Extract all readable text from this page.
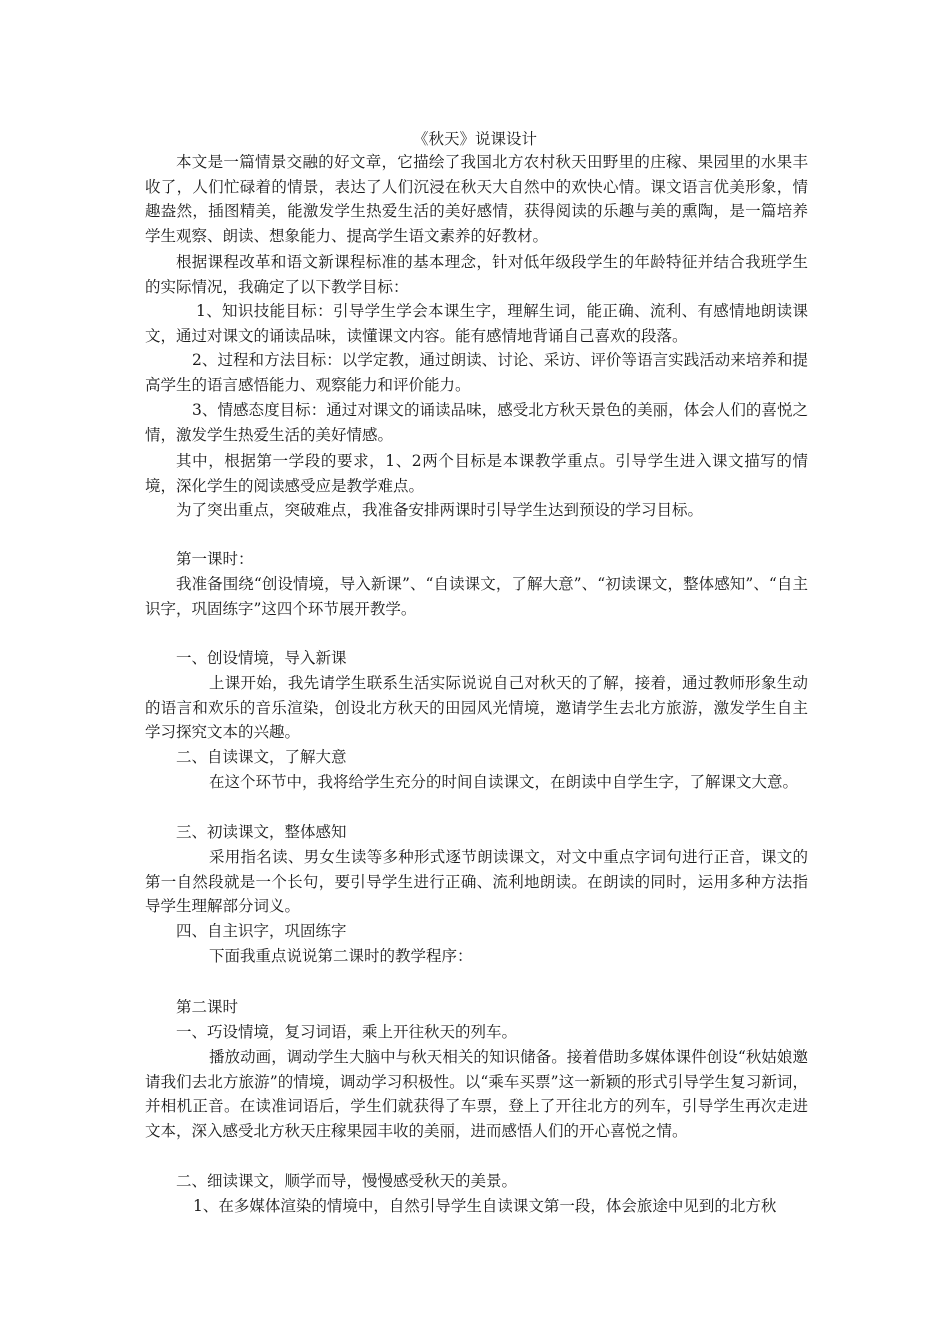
《秋天》说课设计
本文是一篇情景交融的好文章，它描绘了我国北方农村秋天田野里的庄稼、果园里的水果丰收了，人们忙碌着的情景，表达了人们沉浸在秋天大自然中的欢快心情。课文语言优美形象，情趣盎然，插图精美，能激发学生热爱生活的美好感情，获得阅读的乐趣与美的熏陶，是一篇培养学生观察、朗读、想象能力、提高学生语文素养的好教材。
根据课程改革和语文新课程标准的基本理念，针对低年级段学生的年龄特征并结合我班学生的实际情况，我确定了以下教学目标：
1、知识技能目标：引导学生学会本课生字，理解生词，能正确、流利、有感情地朗读课文，通过对课文的诵读品味，读懂课文内容。能有感情地背诵自己喜欢的段落。
2、过程和方法目标：以学定教，通过朗读、讨论、采访、评价等语言实践活动来培养和提高学生的语言感悟能力、观察能力和评价能力。
3、情感态度目标：通过对课文的诵读品味，感受北方秋天景色的美丽，体会人们的喜悦之情，激发学生热爱生活的美好情感。
其中，根据第一学段的要求，1、2两个目标是本课教学重点。引导学生进入课文描写的情境，深化学生的阅读感受应是教学难点。
为了突出重点，突破难点，我准备安排两课时引导学生达到预设的学习目标。
第一课时：
我准备围绕“创设情境，导入新课”、“自读课文，了解大意”、“初读课文，整体感知”、“自主识字，巩固练字”这四个环节展开教学。
一、创设情境，导入新课
上课开始，我先请学生联系生活实际说说自己对秋天的了解，接着，通过教师形象生动的语言和欢乐的音乐渲染，创设北方秋天的田园风光情境，邀请学生去北方旅游，激发学生自主学习探究文本的兴趣。
二、自读课文，了解大意
在这个环节中，我将给学生充分的时间自读课文，在朗读中自学生字，了解课文大意。
三、初读课文，整体感知
采用指名读、男女生读等多种形式逐节朗读课文，对文中重点字词句进行正音，课文的第一自然段就是一个长句，要引导学生进行正确、流利地朗读。在朗读的同时，运用多种方法指导学生理解部分词义。
四、自主识字，巩固练字
下面我重点说说第二课时的教学程序：
第二课时
一、巧设情境，复习词语，乘上开往秋天的列车。
播放动画，调动学生大脑中与秋天相关的知识储备。接着借助多媒体课件创设“秋姑娘邀请我们去北方旅游”的情境，调动学习积极性。以“乘车买票”这一新颖的形式引导学生复习新词，并相机正音。在读准词语后，学生们就获得了车票，登上了开往北方的列车，引导学生再次走进文本，深入感受北方秋天庄稼果园丰收的美丽，进而感悟人们的开心喜悦之情。
二、细读课文，顺学而导，慢慢感受秋天的美景。
1、在多媒体渲染的情境中，自然引导学生自读课文第一段，体会旅途中见到的北方秋
